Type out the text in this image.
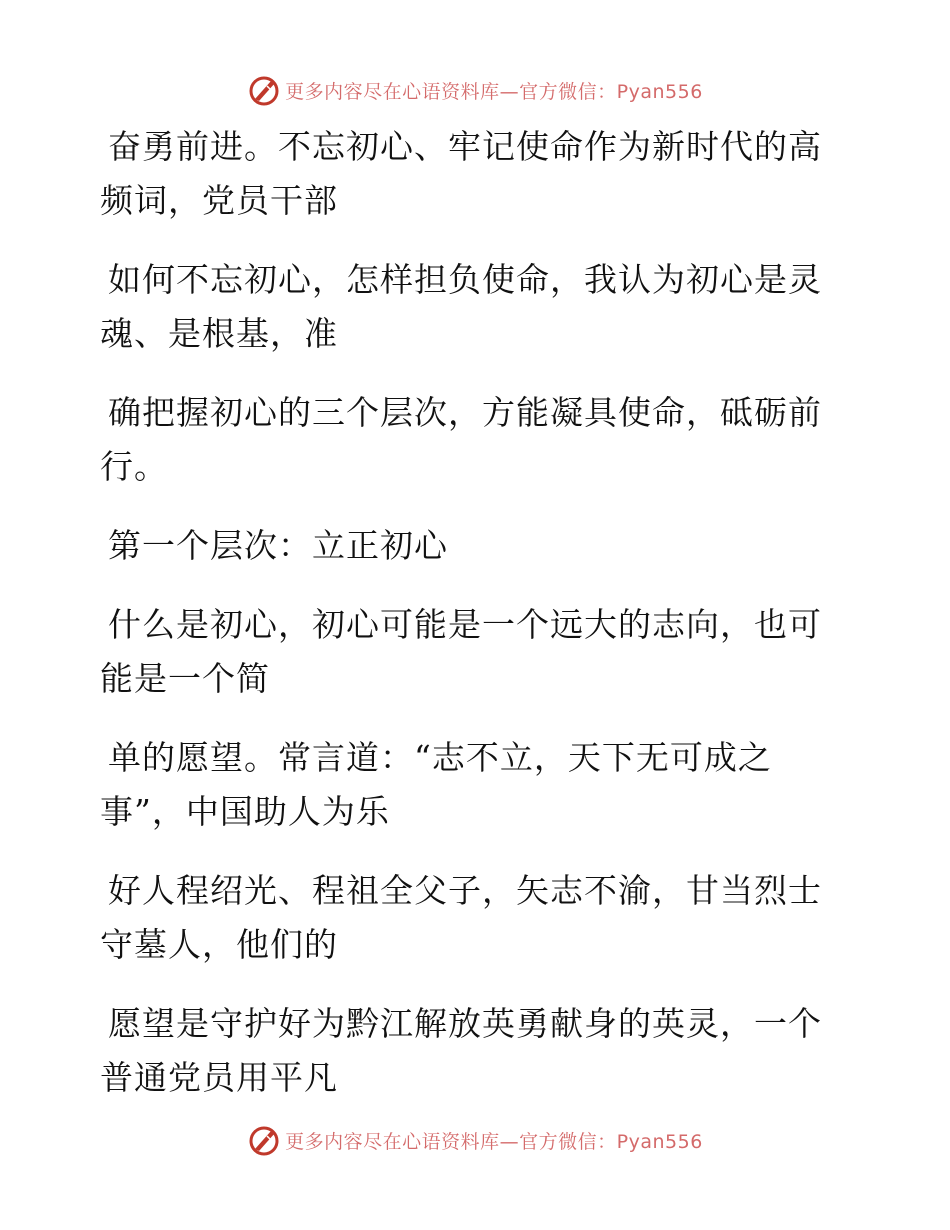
更多内容尽在心语资料库—官方微信：Pyan556

奋勇前进。不忘初心、牢记使命作为新时代的高频词，党员干部

如何不忘初心，怎样担负使命，我认为初心是灵魂、是根基，准

确把握初心的三个层次，方能凝具使命，砥砺前行。

第一个层次：立正初心

什么是初心，初心可能是一个远大的志向，也可能是一个简

单的愿望。常言道：“志不立，天下无可成之事”，中国助人为乐

好人程绍光、程祖全父子，矢志不渝，甘当烈士守墓人，他们的

愿望是守护好为黔江解放英勇献身的英灵，一个普通党员用平凡

更多内容尽在心语资料库—官方微信：Pyan556
